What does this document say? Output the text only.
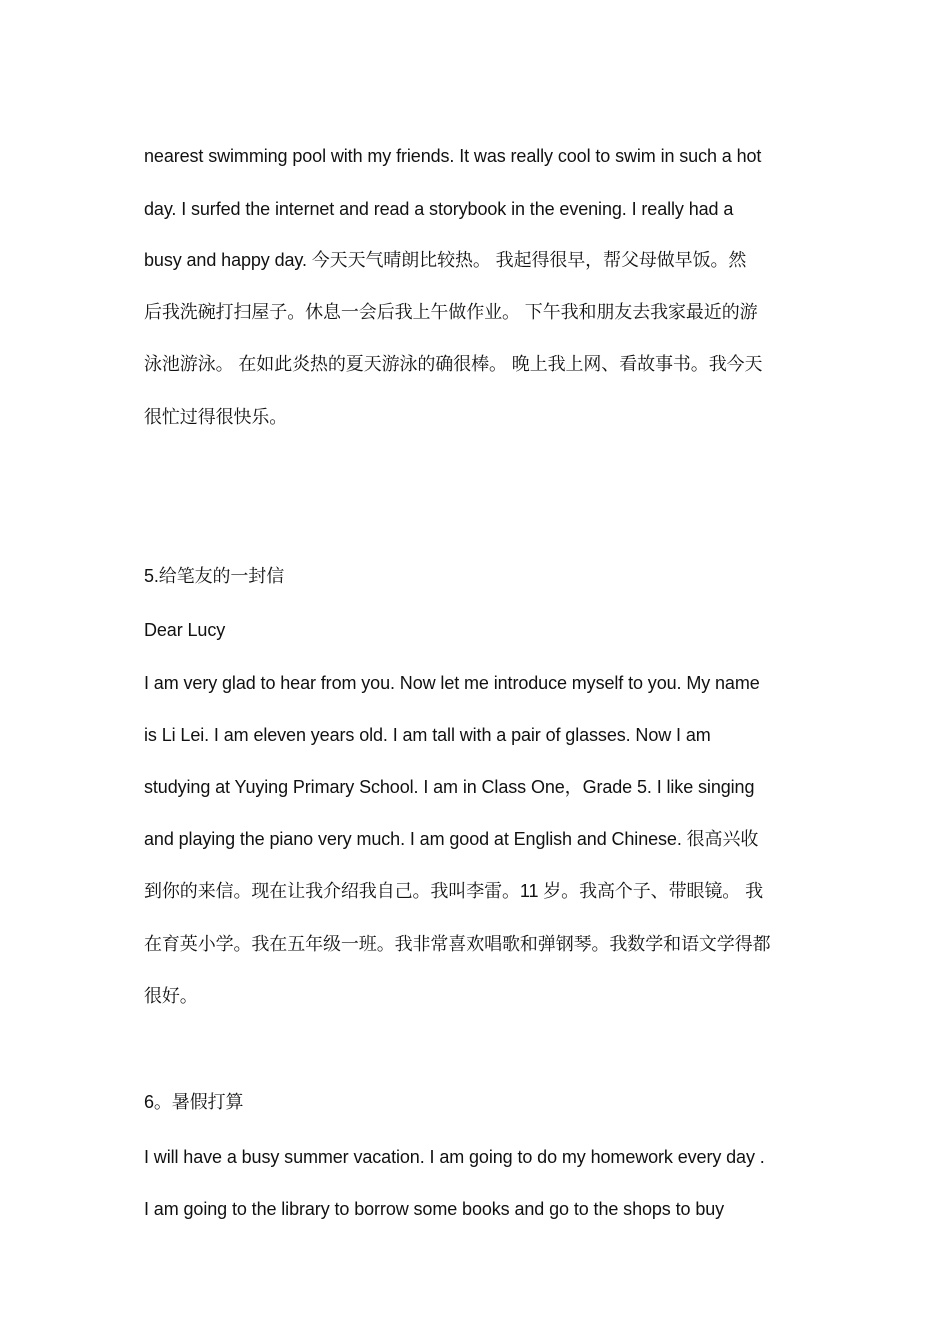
nearest swimming pool with my friends. It was really cool to swim in such a hot
day. I surfed the internet and read a storybook in the evening. I really had a
busy and happy day. 今天天气晴朗比较热。 我起得很早，帮父母做早饭。然
后我洗碗打扫屋子。休息一会后我上午做作业。 下午我和朋友去我家最近的游
泳池游泳。 在如此炎热的夏天游泳的确很棒。 晚上我上网、看故事书。我今天
很忙过得很快乐。
5.给笔友的一封信
Dear Lucy
I am very glad to hear from you. Now let me introduce myself to you. My name
is Li Lei. I am eleven years old. I am tall with a pair of glasses. Now I am
studying at Yuying Primary School. I am in Class One，Grade 5. I like singing
and playing the piano very much. I am good at English and Chinese. 很高兴收
到你的来信。现在让我介绍我自己。我叫李雷。11 岁。我高个子、带眼镜。 我
在育英小学。我在五年级一班。我非常喜欢唱歌和弹钢琴。我数学和语文学得都
很好。
6。暑假打算
I will have a busy summer vacation. I am going to do my homework every day .
I am going to the library to borrow some books and go to the shops to buy
